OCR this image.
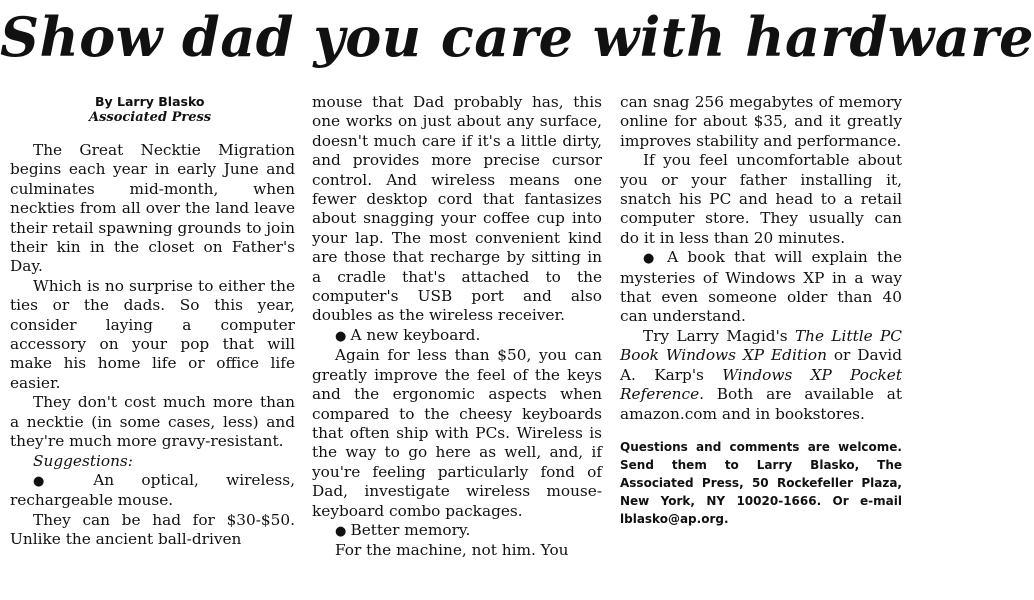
Show dad you care with hardware
By Larry Blasko
Associated Press

The Great Necktie Migration begins each year in early June and culminates mid-month, when neckties from all over the land leave their retail spawning grounds to join their kin in the closet on Father's Day.

Which is no surprise to either the ties or the dads. So this year, consider laying a computer accessory on your pop that will make his home life or office life easier.

They don't cost much more than a necktie (in some cases, less) and they're much more gravy-resistant.

Suggestions:

● An optical, wireless, rechargeable mouse.

They can be had for $30-$50. Unlike the ancient ball-driven

mouse that Dad probably has, this one works on just about any surface, doesn't much care if it's a little dirty, and provides more precise cursor control. And wireless means one fewer desktop cord that fantasizes about snagging your coffee cup into your lap. The most convenient kind are those that recharge by sitting in a cradle that's attached to the computer's USB port and also doubles as the wireless receiver.

● A new keyboard.

Again for less than $50, you can greatly improve the feel of the keys and the ergonomic aspects when compared to the cheesy keyboards that often ship with PCs. Wireless is the way to go here as well, and, if you're feeling particularly fond of Dad, investigate wireless mouse-keyboard combo packages.

● Better memory.

For the machine, not him. You

can snag 256 megabytes of memory online for about $35, and it greatly improves stability and performance.

If you feel uncomfortable about you or your father installing it, snatch his PC and head to a retail computer store. They usually can do it in less than 20 minutes.

● A book that will explain the mysteries of Windows XP in a way that even someone older than 40 can understand.

Try Larry Magid's The Little PC Book Windows XP Edition or David A. Karp's Windows XP Pocket Reference. Both are available at amazon.com and in bookstores.

Questions and comments are welcome. Send them to Larry Blasko, The Associated Press, 50 Rockefeller Plaza, New York, NY 10020-1666. Or e-mail lblasko@ap.org.
